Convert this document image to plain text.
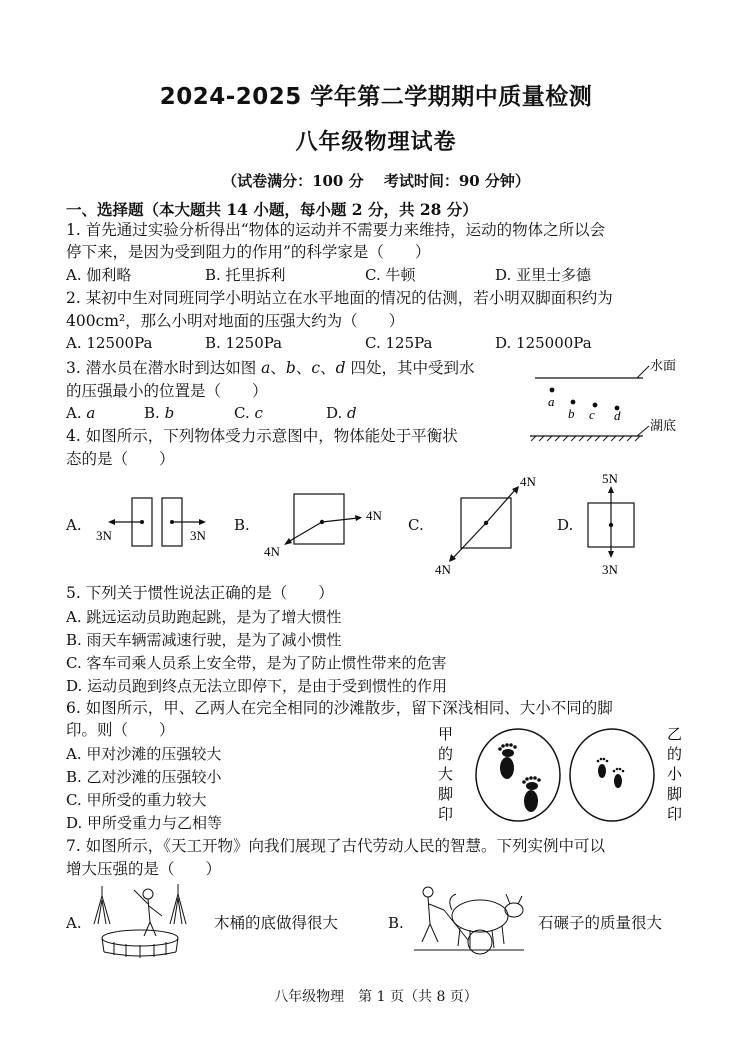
2024-2025 学年第二学期期中质量检测
八年级物理试卷
（试卷满分：100 分　 考试时间：90 分钟）
一、选择题（本大题共 14 小题，每小题 2 分，共 28 分）
1. 首先通过实验分析得出“物体的运动并不需要力来维持，运动的物体之所以会
停下来，是因为受到阻力的作用”的科学家是（　　）
A. 伽利略	B. 托里拆利	C. 牛顿	D. 亚里士多德
2. 某初中生对同班同学小明站立在水平地面的情况的估测，若小明双脚面积约为
400cm²，那么小明对地面的压强大约为（　　）
A. 12500Pa	B. 1250Pa	C. 125Pa	D. 125000Pa
3. 潜水员在潜水时到达如图 a、b、c、d 四处，其中受到水
的压强最小的位置是（　　）
A. a	B. b	C. c	D. d
水面
a
b c d
湖底
4. 如图所示，下列物体受力示意图中，物体能处于平衡状
态的是（　　）
A.
3N	3N
B.
4N
4N
C.
4N
4N
D.
5N
3N
5. 下列关于惯性说法正确的是（　　）
A. 跳远运动员助跑起跳，是为了增大惯性
B. 雨天车辆需减速行驶，是为了减小惯性
C. 客车司乘人员系上安全带，是为了防止惯性带来的危害
D. 运动员跑到终点无法立即停下，是由于受到惯性的作用
6. 如图所示，甲、乙两人在完全相同的沙滩散步，留下深浅相同、大小不同的脚
印。则（　　）
A. 甲对沙滩的压强较大
B. 乙对沙滩的压强较小
C. 甲所受的重力较大
D. 甲所受重力与乙相等
甲
的
大
脚
印
乙
的
小
脚
印
7. 如图所示，《天工开物》向我们展现了古代劳动人民的智慧。下列实例中可以
增大压强的是（　　）
A.	木桶的底做得很大	B.	石碾子的质量很大
八年级物理　第 1 页（共 8 页）
